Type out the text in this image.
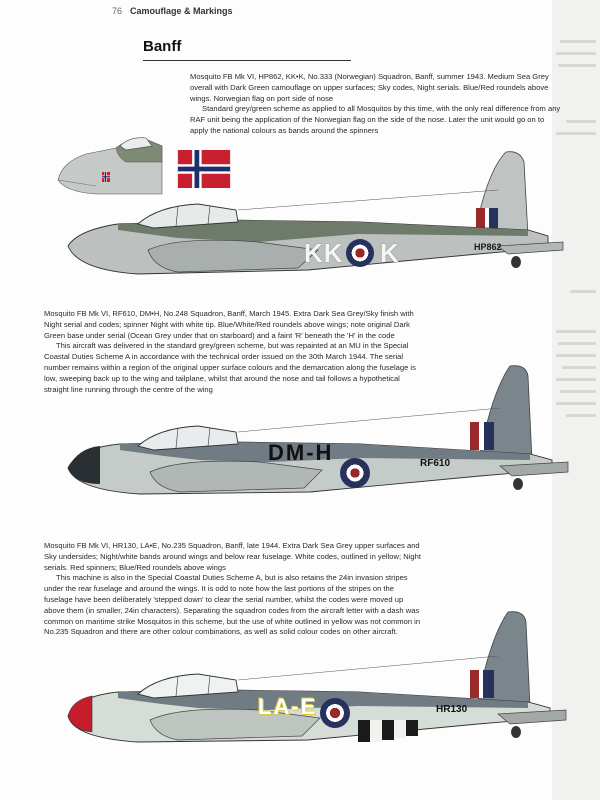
76 Camouflage & Markings
Banff

Mosquito FB Mk VI, HP862, KK•K, No.333 (Norwegian) Squadron, Banff, summer 1943. Medium Sea Grey overall with Dark Green camouflage on upper surfaces; Sky codes, Night serials. Blue/Red roundels above wings. Norwegian flag on port side of nose

Standard grey/green scheme as applied to all Mosquitos by this time, with the only real difference from any RAF unit being the application of the Norwegian flag on the side of the nose. Later the unit would go on to apply the national colours as bands around the spinners

KK K	HP862

Mosquito FB Mk VI, RF610, DM•H, No.248 Squadron, Banff, March 1945. Extra Dark Sea Grey/Sky finish with Night serial and codes; spinner Night with white tip. Blue/White/Red roundels above wings; note original Dark Green base under serial (Ocean Grey under that on starboard) and a faint 'R' beneath the 'H' in the code

This aircraft was delivered in the standard grey/green scheme, but was repainted at an MU in the Special Coastal Duties Scheme A in accordance with the technical order issued on the 30th March 1944. The serial number remains within a region of the original upper surface colours and the demarcation along the fuselage is low, sweeping back up to the wing and tailplane, whilst that around the nose and tail follows a hypothetical straight line running through the centre of the wing

DM-H	RF610

Mosquito FB Mk VI, HR130, LA•E, No.235 Squadron, Banff, late 1944. Extra Dark Sea Grey upper surfaces and Sky undersides; Night/white bands around wings and below rear fuselage. White codes, outlined in yellow; Night serials. Red spinners; Blue/Red roundels above wings

This machine is also in the Special Coastal Duties Scheme A, but is also retains the 24in invasion stripes under the rear fuselage and around the wings. It is odd to note how the last portions of the stripes on the fuselage have been deliberately 'stepped down' to clear the serial number, whilst the codes were moved up above them (in smaller, 24in characters). Separating the squadron codes from the aircraft letter with a dash was common on maritime strike Mosquitos in this scheme, but the use of white outlined in yellow was not common in No.235 Squadron and there are other colour combinations, as well as solid colour codes on other aircraft.

LA-E	HR130
